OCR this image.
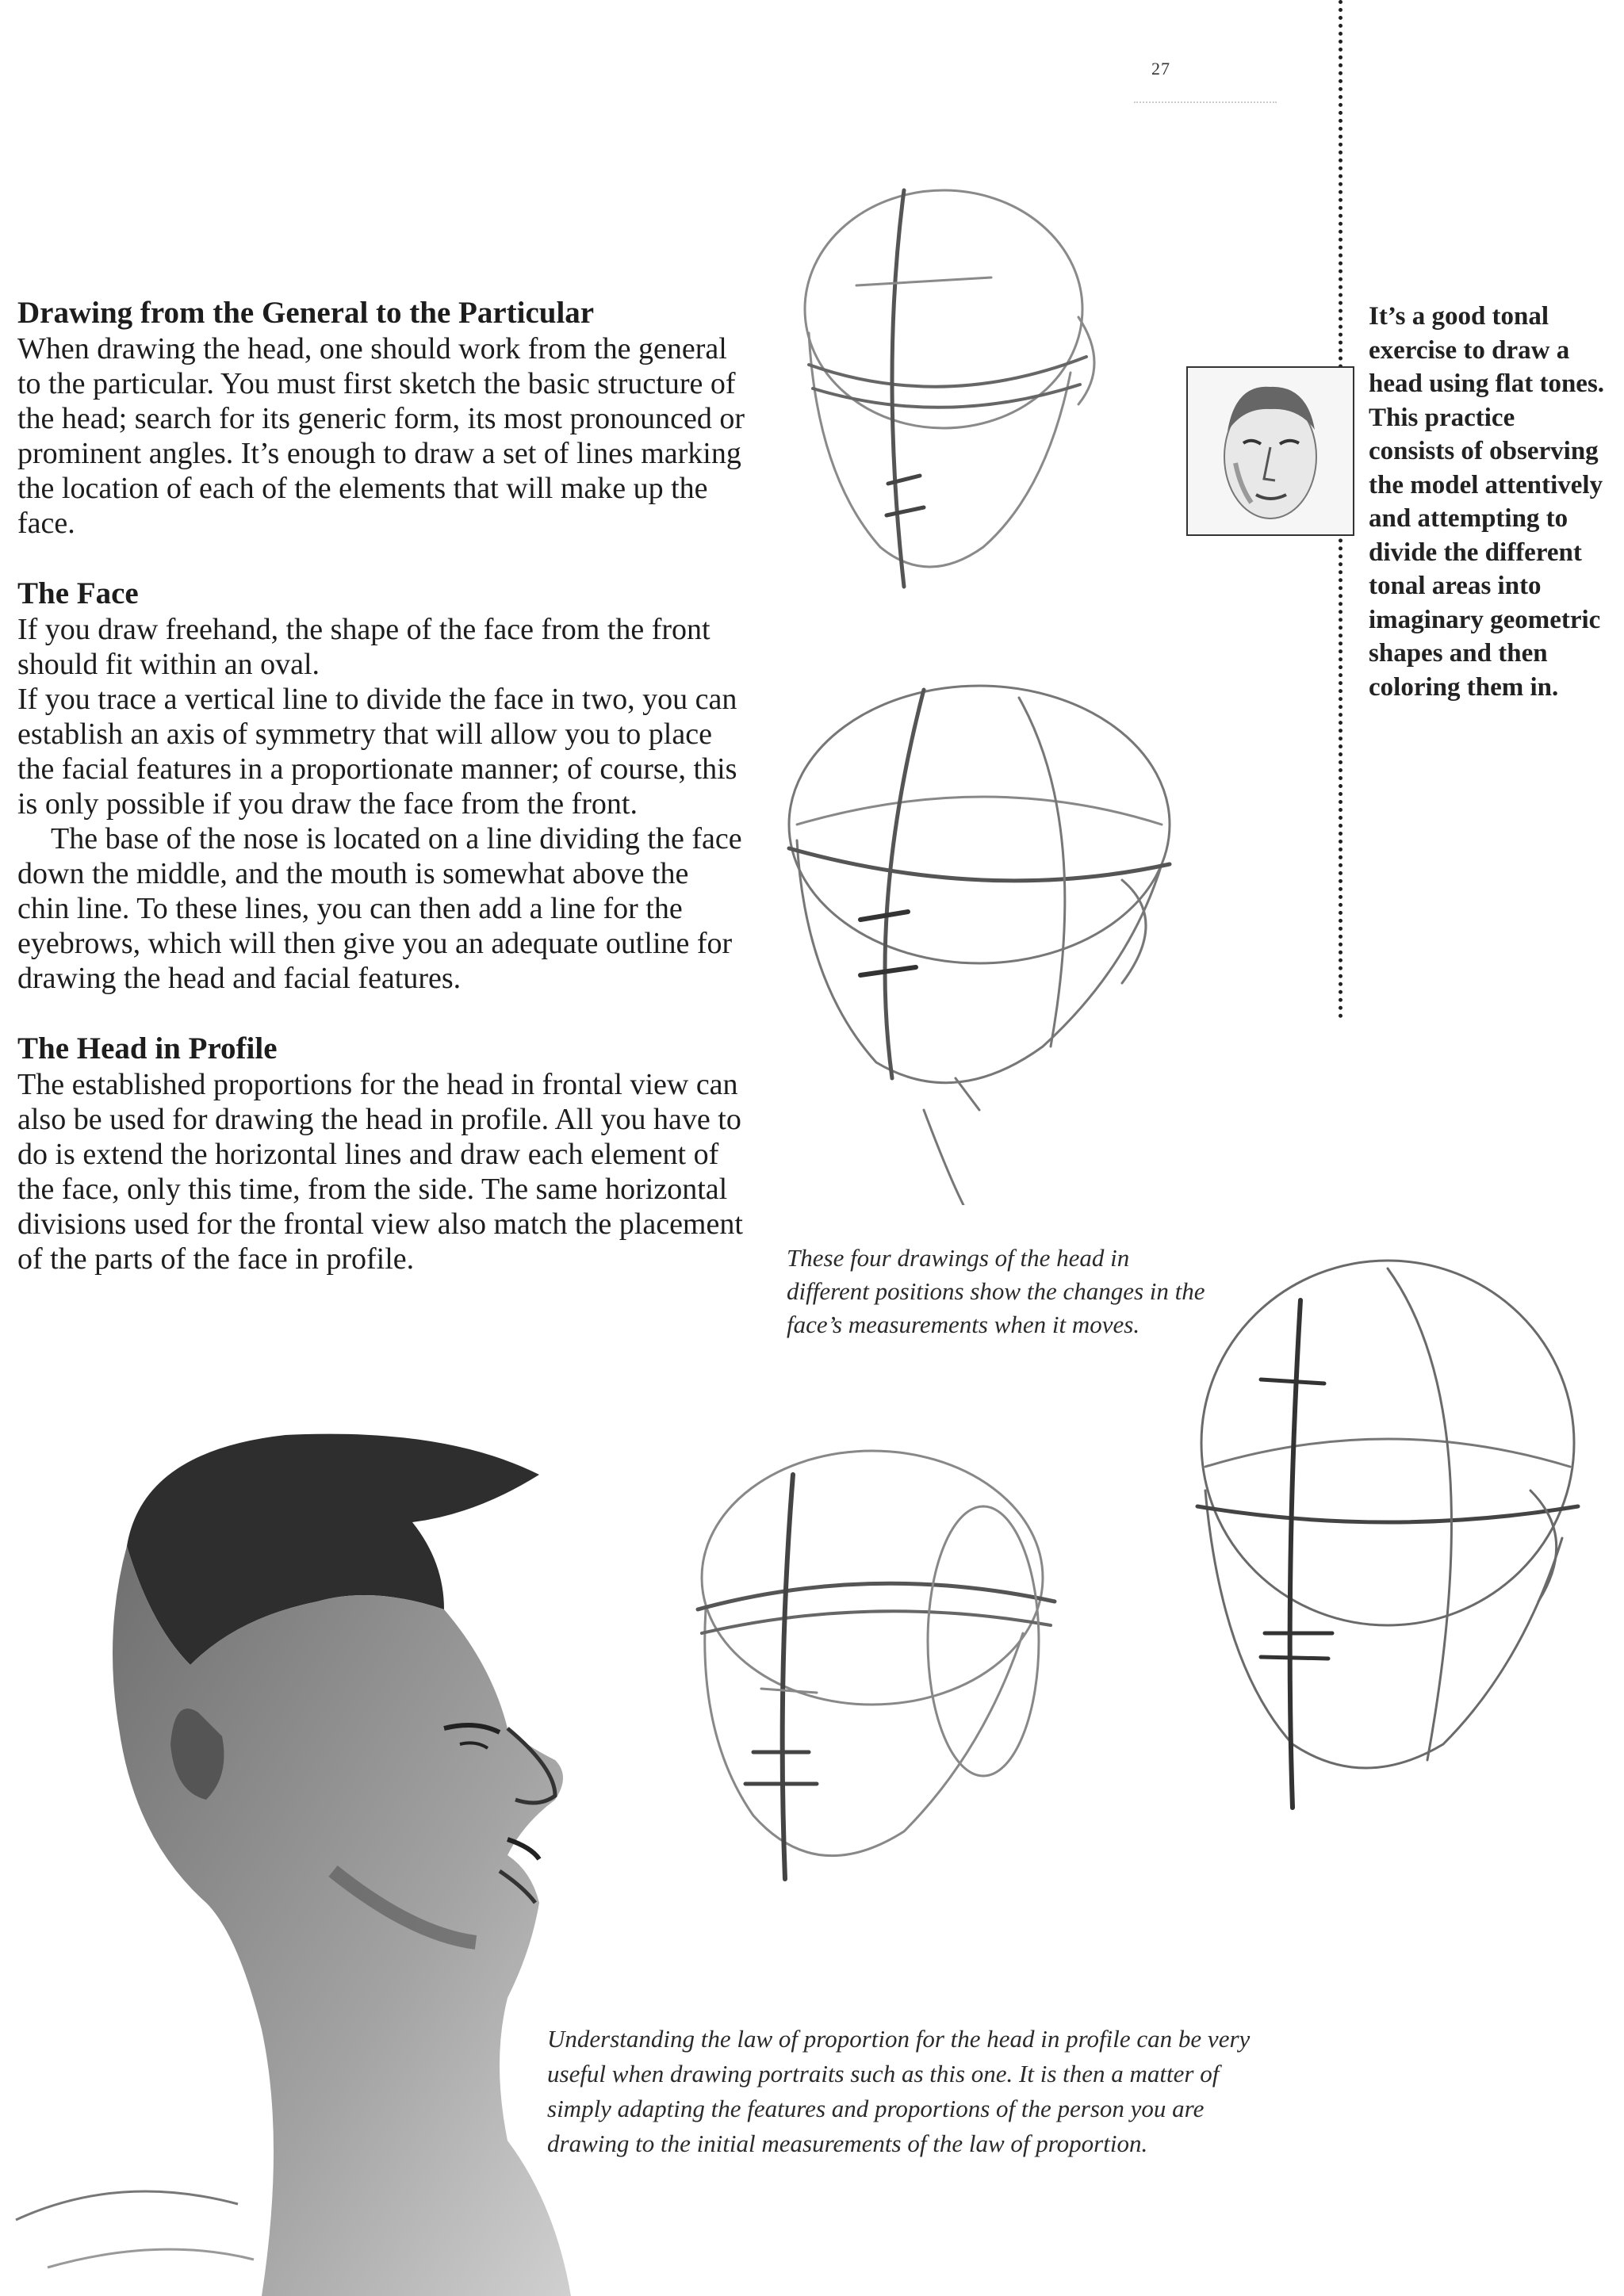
27
Drawing from the General to the Particular

When drawing the head, one should work from the general to the particular. You must first sketch the basic structure of the head; search for its generic form, its most pronounced or prominent angles. It’s enough to draw a set of lines marking the location of each of the elements that will make up the face.

The Face

If you draw freehand, the shape of the face from the front should fit within an oval.

If you trace a vertical line to divide the face in two, you can establish an axis of symmetry that will allow you to place the facial features in a proportionate manner; of course, this is only possible if you draw the face from the front.

The base of the nose is located on a line dividing the face down the middle, and the mouth is somewhat above the chin line. To these lines, you can then add a line for the eyebrows, which will then give you an adequate outline for drawing the head and facial features.

The Head in Profile

The established proportions for the head in frontal view can also be used for drawing the head in profile. All you have to do is extend the horizontal lines and draw each element of the face, only this time, from the side. The same horizontal divisions used for the frontal view also match the placement of the parts of the face in profile.

It’s a good tonal exercise to draw a head using flat tones. This practice consists of observing the model attentively and attempting to divide the different tonal areas into imaginary geometric shapes and then coloring them in.
These four drawings of the head in different positions show the changes in the face’s measurements when it moves.
Understanding the law of proportion for the head in profile can be very useful when drawing portraits such as this one. It is then a matter of simply adapting the features and proportions of the person you are drawing to the initial measurements of the law of proportion.
